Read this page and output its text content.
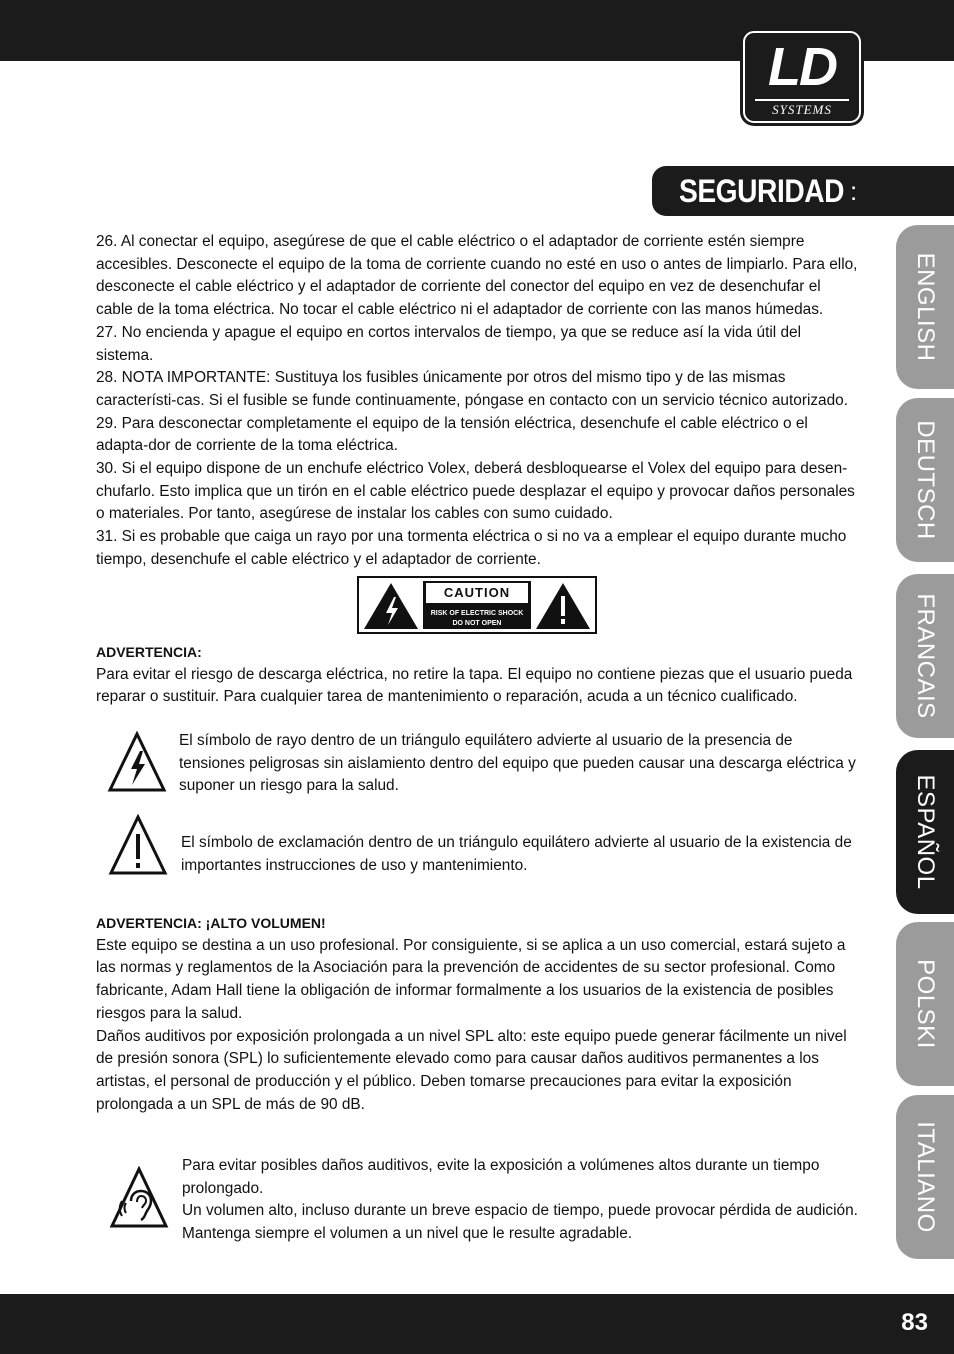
LD
SYSTEMS
SEGURIDAD :
ENGLISH
DEUTSCH
FRANCAIS
ESPAÑOL
POLSKI
ITALIANO

26. Al conectar el equipo, asegúrese de que el cable eléctrico o el adaptador de corriente estén siempre accesibles. Desconecte el equipo de la toma de corriente cuando no esté en uso o antes de limpiarlo. Para ello, desconecte el cable eléctrico y el adaptador de corriente del conector del equipo en vez de desenchufar el cable de la toma eléctrica. No tocar el cable eléctrico ni el adaptador de corriente con las manos húmedas.

27. No encienda y apague el equipo en cortos intervalos de tiempo, ya que se reduce así la vida útil del sistema.

28. NOTA IMPORTANTE: Sustituya los fusibles únicamente por otros del mismo tipo y de las mismas característi-cas. Si el fusible se funde continuamente, póngase en contacto con un servicio técnico autorizado.

29. Para desconectar completamente el equipo de la tensión eléctrica, desenchufe el cable eléctrico o el adapta-dor de corriente de la toma eléctrica.

30. Si el equipo dispone de un enchufe eléctrico Volex, deberá desbloquearse el Volex del equipo para desen-chufarlo. Esto implica que un tirón en el cable eléctrico puede desplazar el equipo y provocar daños personales o materiales. Por tanto, asegúrese de instalar los cables con sumo cuidado.

31. Si es probable que caiga un rayo por una tormenta eléctrica o si no va a emplear el equipo durante mucho tiempo, desenchufe el cable eléctrico y el adaptador de corriente.

CAUTION
RISK OF ELECTRIC SHOCK
DO NOT OPEN

ADVERTENCIA:

Para evitar el riesgo de descarga eléctrica, no retire la tapa. El equipo no contiene piezas que el usuario pueda reparar o sustituir. Para cualquier tarea de mantenimiento o reparación, acuda a un técnico cualificado.

El símbolo de rayo dentro de un triángulo equilátero advierte al usuario de la presencia de tensiones peligrosas sin aislamiento dentro del equipo que pueden causar una descarga eléctrica y suponer un riesgo para la salud.
El símbolo de exclamación dentro de un triángulo equilátero advierte al usuario de la existencia de importantes instrucciones de uso y mantenimiento.

ADVERTENCIA: ¡ALTO VOLUMEN!

Este equipo se destina a un uso profesional. Por consiguiente, si se aplica a un uso comercial, estará sujeto a las normas y reglamentos de la Asociación para la prevención de accidentes de su sector profesional. Como fabricante, Adam Hall tiene la obligación de informar formalmente a los usuarios de la existencia de posibles riesgos para la salud.

Daños auditivos por exposición prolongada a un nivel SPL alto: este equipo puede generar fácilmente un nivel de presión sonora (SPL) lo suficientemente elevado como para causar daños auditivos permanentes a los artistas, el personal de producción y el público. Deben tomarse precauciones para evitar la exposición prolongada a un SPL de más de 90 dB.

Para evitar posibles daños auditivos, evite la exposición a volúmenes altos durante un tiempo prolongado.

Un volumen alto, incluso durante un breve espacio de tiempo, puede provocar pérdida de audición. Mantenga siempre el volumen a un nivel que le resulte agradable.

83
